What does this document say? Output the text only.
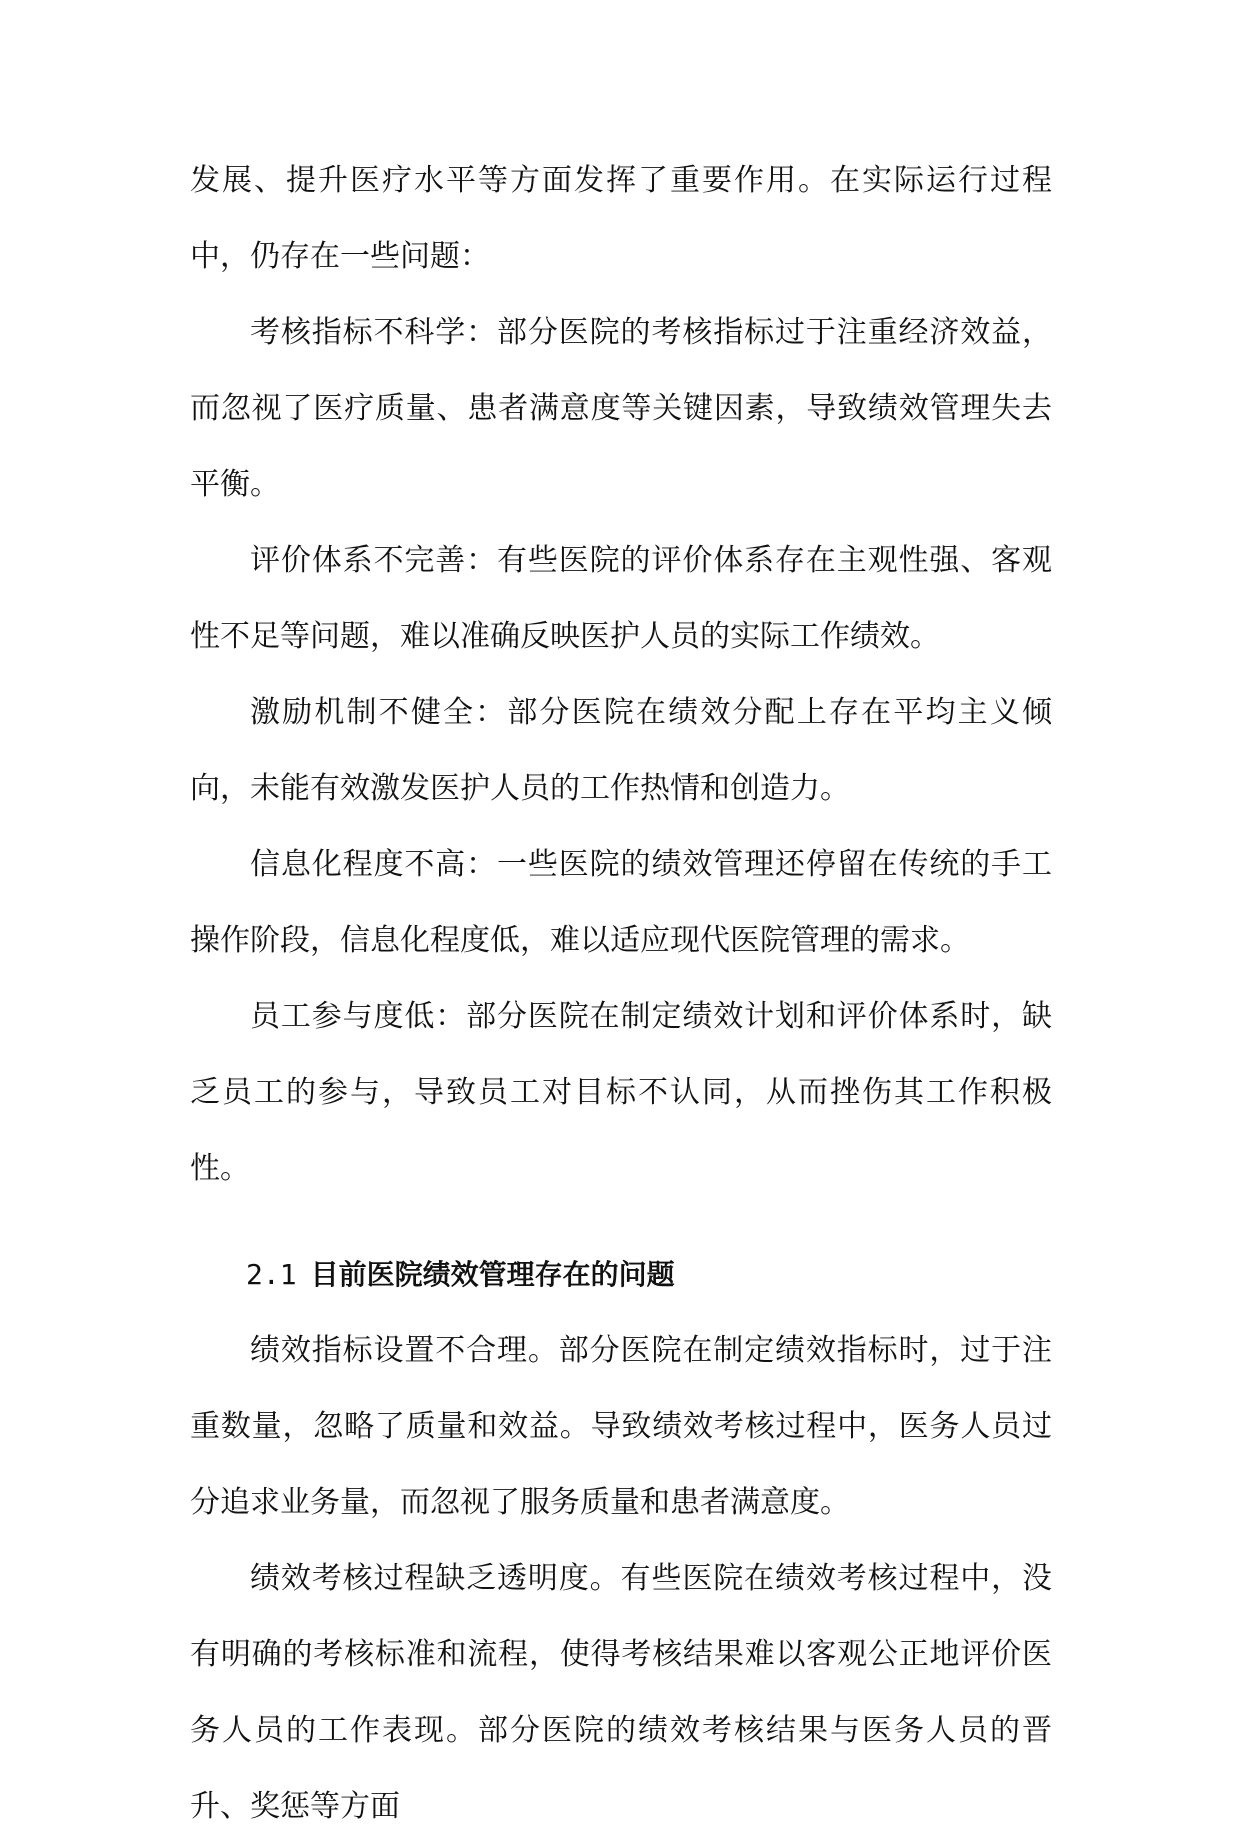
发展、提升医疗水平等方面发挥了重要作用。在实际运行过程中，仍存在一些问题：

考核指标不科学：部分医院的考核指标过于注重经济效益，而忽视了医疗质量、患者满意度等关键因素，导致绩效管理失去平衡。

评价体系不完善：有些医院的评价体系存在主观性强、客观性不足等问题，难以准确反映医护人员的实际工作绩效。

激励机制不健全：部分医院在绩效分配上存在平均主义倾向，未能有效激发医护人员的工作热情和创造力。

信息化程度不高：一些医院的绩效管理还停留在传统的手工操作阶段，信息化程度低，难以适应现代医院管理的需求。

员工参与度低：部分医院在制定绩效计划和评价体系时，缺乏员工的参与，导致员工对目标不认同，从而挫伤其工作积极性。

2.1 目前医院绩效管理存在的问题

绩效指标设置不合理。部分医院在制定绩效指标时，过于注重数量，忽略了质量和效益。导致绩效考核过程中，医务人员过分追求业务量，而忽视了服务质量和患者满意度。

绩效考核过程缺乏透明度。有些医院在绩效考核过程中，没有明确的考核标准和流程，使得考核结果难以客观公正地评价医务人员的工作表现。部分医院的绩效考核结果与医务人员的晋升、奖惩等方面
